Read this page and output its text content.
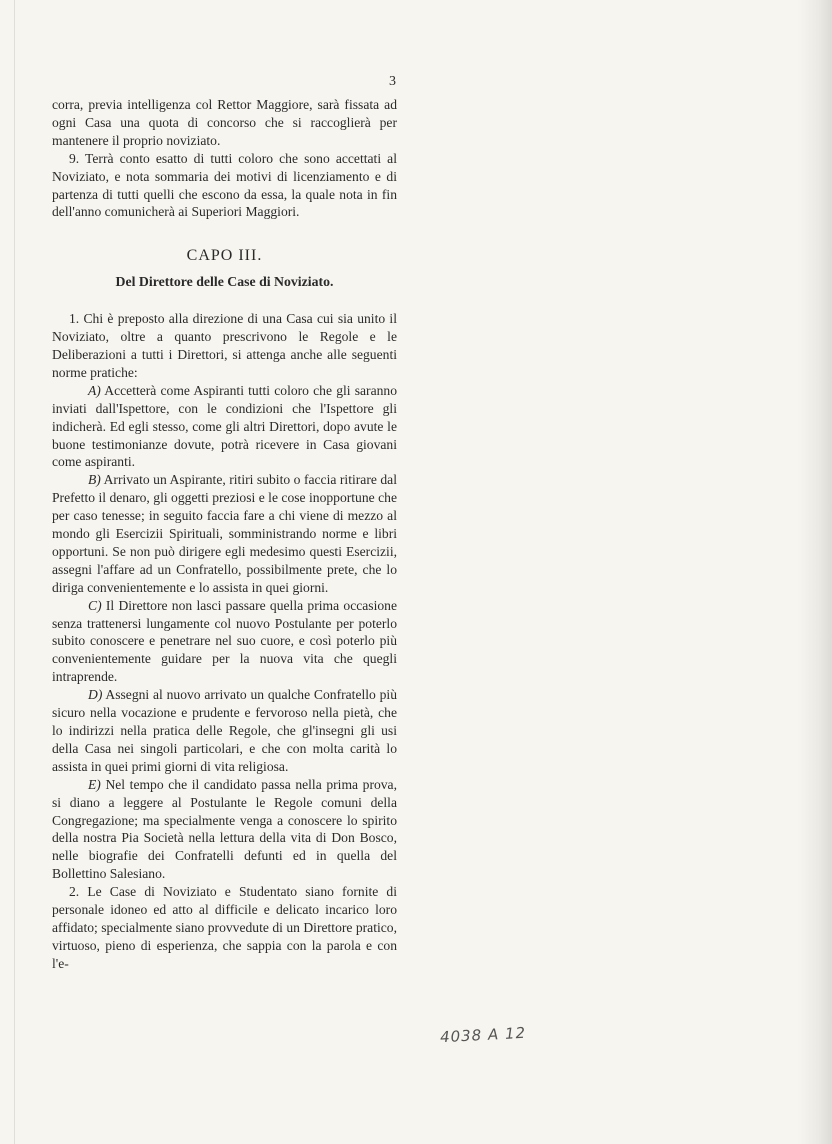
3

corra, previa intelligenza col Rettor Maggiore, sarà fissata ad ogni Casa una quota di concorso che si raccoglierà per mantenere il proprio noviziato.

9. Terrà conto esatto di tutti coloro che sono accettati al Noviziato, e nota sommaria dei motivi di licenziamento e di partenza di tutti quelli che escono da essa, la quale nota in fin dell'anno comunicherà ai Superiori Maggiori.

CAPO III.
Del Direttore delle Case di Noviziato.

1. Chi è preposto alla direzione di una Casa cui sia unito il Noviziato, oltre a quanto prescrivono le Regole e le Deliberazioni a tutti i Direttori, si attenga anche alle seguenti norme pratiche:

A) Accetterà come Aspiranti tutti coloro che gli saranno inviati dall'Ispettore, con le condizioni che l'Ispettore gli indicherà. Ed egli stesso, come gli altri Direttori, dopo avute le buone testimonianze dovute, potrà ricevere in Casa giovani come aspiranti.

B) Arrivato un Aspirante, ritiri subito o faccia ritirare dal Prefetto il denaro, gli oggetti preziosi e le cose inopportune che per caso tenesse; in seguito faccia fare a chi viene di mezzo al mondo gli Esercizii Spirituali, somministrando norme e libri opportuni. Se non può dirigere egli medesimo questi Esercizii, assegni l'affare ad un Confratello, possibilmente prete, che lo diriga convenientemente e lo assista in quei giorni.

C) Il Direttore non lasci passare quella prima occasione senza trattenersi lungamente col nuovo Postulante per poterlo subito conoscere e penetrare nel suo cuore, e così poterlo più convenientemente guidare per la nuova vita che quegli intraprende.

D) Assegni al nuovo arrivato un qualche Confratello più sicuro nella vocazione e prudente e fervoroso nella pietà, che lo indirizzi nella pratica delle Regole, che gl'insegni gli usi della Casa nei singoli particolari, e che con molta carità lo assista in quei primi giorni di vita religiosa.

E) Nel tempo che il candidato passa nella prima prova, si diano a leggere al Postulante le Regole comuni della Congregazione; ma specialmente venga a conoscere lo spirito della nostra Pia Società nella lettura della vita di Don Bosco, nelle biografie dei Confratelli defunti ed in quella del Bollettino Salesiano.

2. Le Case di Noviziato e Studentato siano fornite di personale idoneo ed atto al difficile e delicato incarico loro affidato; specialmente siano provvedute di un Direttore pratico, virtuoso, pieno di esperienza, che sappia con la parola e con l'e-

4038 A 12
